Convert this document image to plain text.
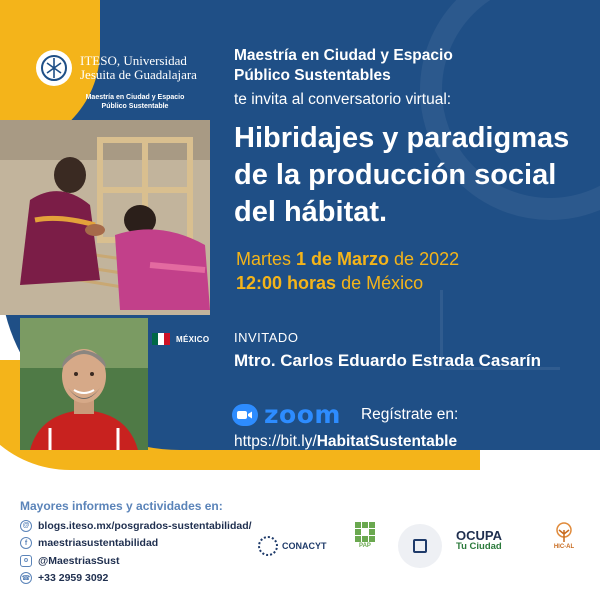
ITESO, Universidad
Jesuita de Guadalajara
Maestría en Ciudad y Espacio
Público Sustentable
MÉXICO
Maestría en Ciudad y Espacio
Público Sustentables
te invita al conversatorio virtual:
Hibridajes y paradigmas
de la producción social
del hábitat.
Martes 1 de Marzo de 2022
12:00 horas de México
INVITADO
Mtro. Carlos Eduardo Estrada Casarín
zoom Regístrate en:
https://bit.ly/HabitatSustentable
Mayores informes y actividades en:
@ blogs.iteso.mx/posgrados-sustentabilidad/
f	maestriasustentabilidad
o @MaestriasSust
☎ +33 2959 3092
CONACYT	PAP
OCUPA
Tu Ciudad	HIC-AL
